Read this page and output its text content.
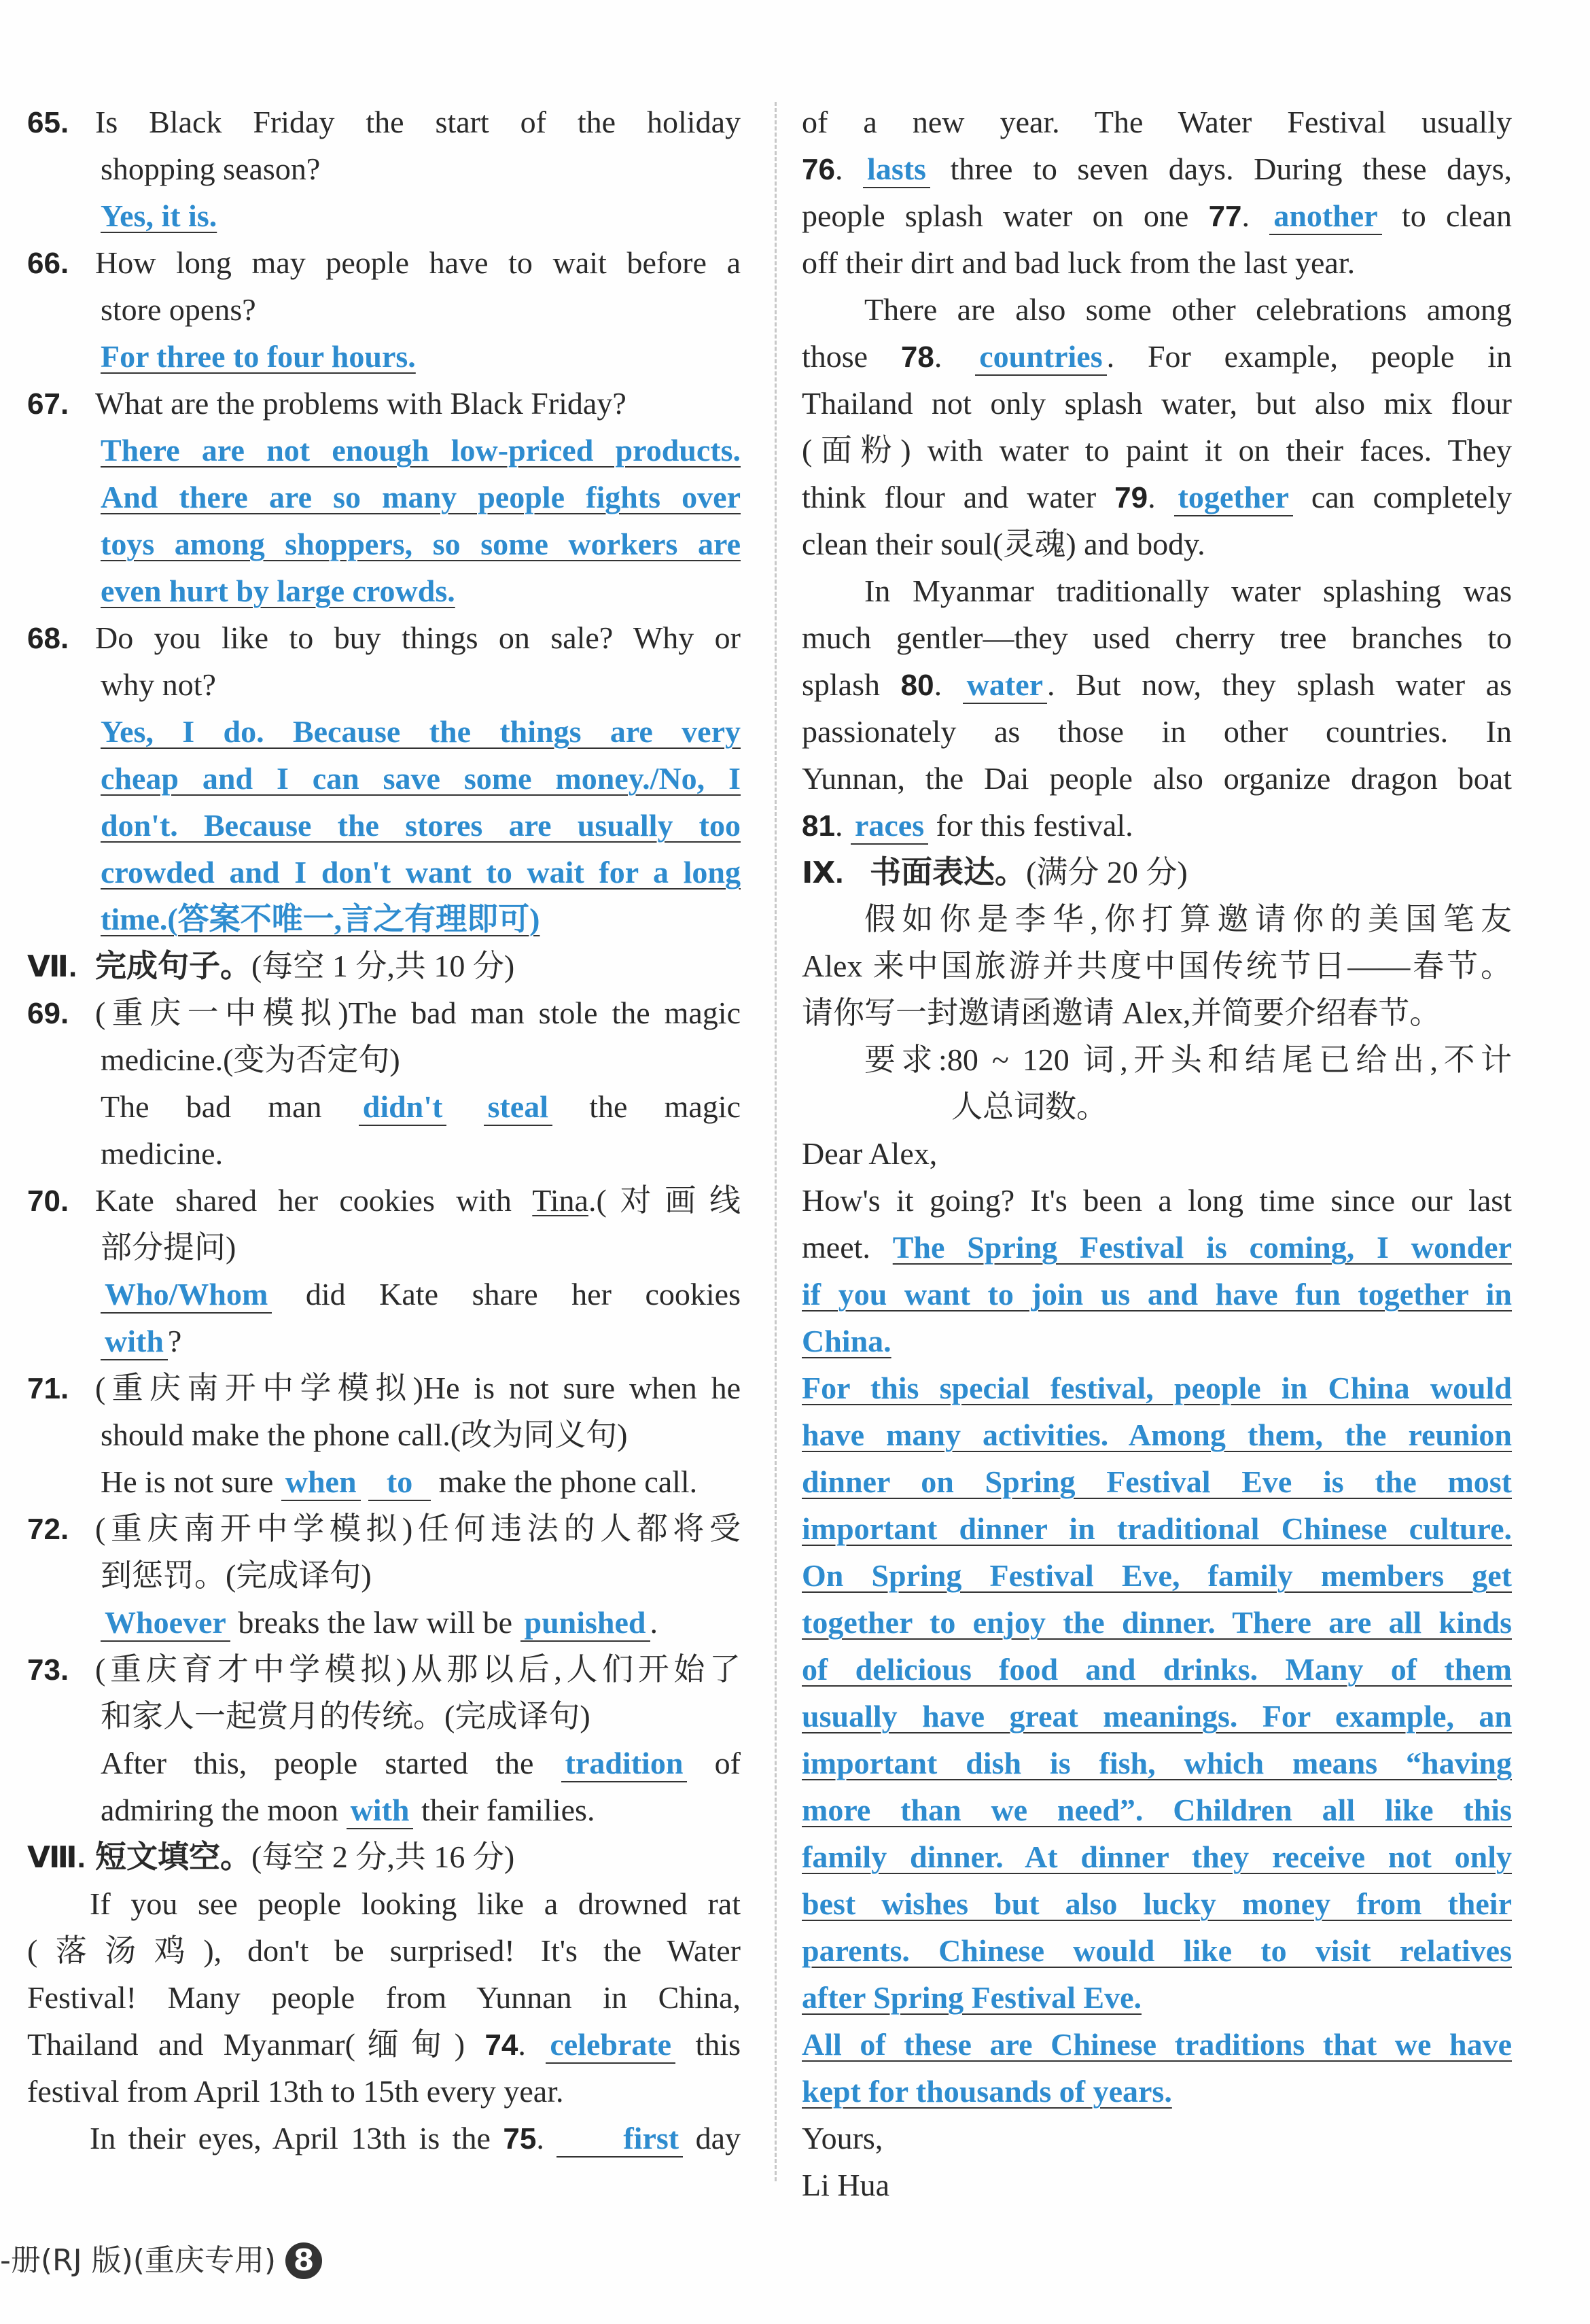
65. Is Black Friday the start of the holiday
shopping season?
Yes, it is.
66. How long may people have to wait before a
store opens?
For three to four hours.
67. What are the problems with Black Friday?
There are not enough low-priced products.
And there are so many people fights over
toys among shoppers, so some workers are
even hurt by large crowds.
68. Do you like to buy things on sale? Why or
why not?
Yes, I do. Because the things are very
cheap and I can save some money./No, I
don't. Because the stores are usually too
crowded and I don't want to wait for a long
time.(答案不唯一,言之有理即可)
Ⅶ. 完成句子。(每空 1 分,共 10 分)
69. (重庆一中模拟)The bad man stole the magic
medicine.(变为否定句)
The bad man didn't steal the magic
medicine.
70. Kate shared her cookies with Tina.(对画线
部分提问)
Who/Whom did Kate share her cookies
with ?
71. (重庆南开中学模拟)He is not sure when he
should make the phone call.(改为同义句)
He is not sure when to make the phone call.
72. (重庆南开中学模拟)任何违法的人都将受
到惩罚。(完成译句)
Whoever breaks the law will be punished .
73. (重庆育才中学模拟)从那以后,人们开始了
和家人一起赏月的传统。(完成译句)
After this, people started the tradition of
admiring the moon with their families.
Ⅷ. 短文填空。(每空 2 分,共 16 分)
If you see people looking like a drowned rat
(落汤鸡), don't be surprised! It's the Water
Festival! Many people from Yunnan in China,
Thailand and Myanmar(缅甸) 74. celebrate this
festival from April 13th to 15th every year.
In their eyes, April 13th is the 75. first day
of a new year. The Water Festival usually
76. lasts three to seven days. During these days,
people splash water on one 77. another to clean
off their dirt and bad luck from the last year.
There are also some other celebrations among
those 78. countries . For example, people in
Thailand not only splash water, but also mix flour
(面粉) with water to paint it on their faces. They
think flour and water 79. together can completely
clean their soul(灵魂) and body.
In Myanmar traditionally water splashing was
much gentler—they used cherry tree branches to
splash 80. water . But now, they splash water as
passionately as those in other countries. In
Yunnan, the Dai people also organize dragon boat
81. races for this festival.
Ⅸ. 书面表达。(满分 20 分)
假如你是李华,你打算邀请你的美国笔友
Alex 来中国旅游并共度中国传统节日——春节。
请你写一封邀请函邀请 Alex,并简要介绍春节。
要求:80 ~ 120 词,开头和结尾已给出,不计
人总词数。
Dear Alex,
How's it going? It's been a long time since our last
meet. The Spring Festival is coming, I wonder
if you want to join us and have fun together in
China.
For this special festival, people in China would
have many activities. Among them, the reunion
dinner on Spring Festival Eve is the most
important dinner in traditional Chinese culture.
On Spring Festival Eve, family members get
together to enjoy the dinner. There are all kinds
of delicious food and drinks. Many of them
usually have great meanings. For example, an
important dish is fish, which means “having
more than we need”. Children all like this
family dinner. At dinner they receive not only
best wishes but also lucky money from their
parents. Chinese would like to visit relatives
after Spring Festival Eve.
All of these are Chinese traditions that we have
kept for thousands of years.
Yours,
Li Hua
-册(RJ 版)(重庆专用) 8
